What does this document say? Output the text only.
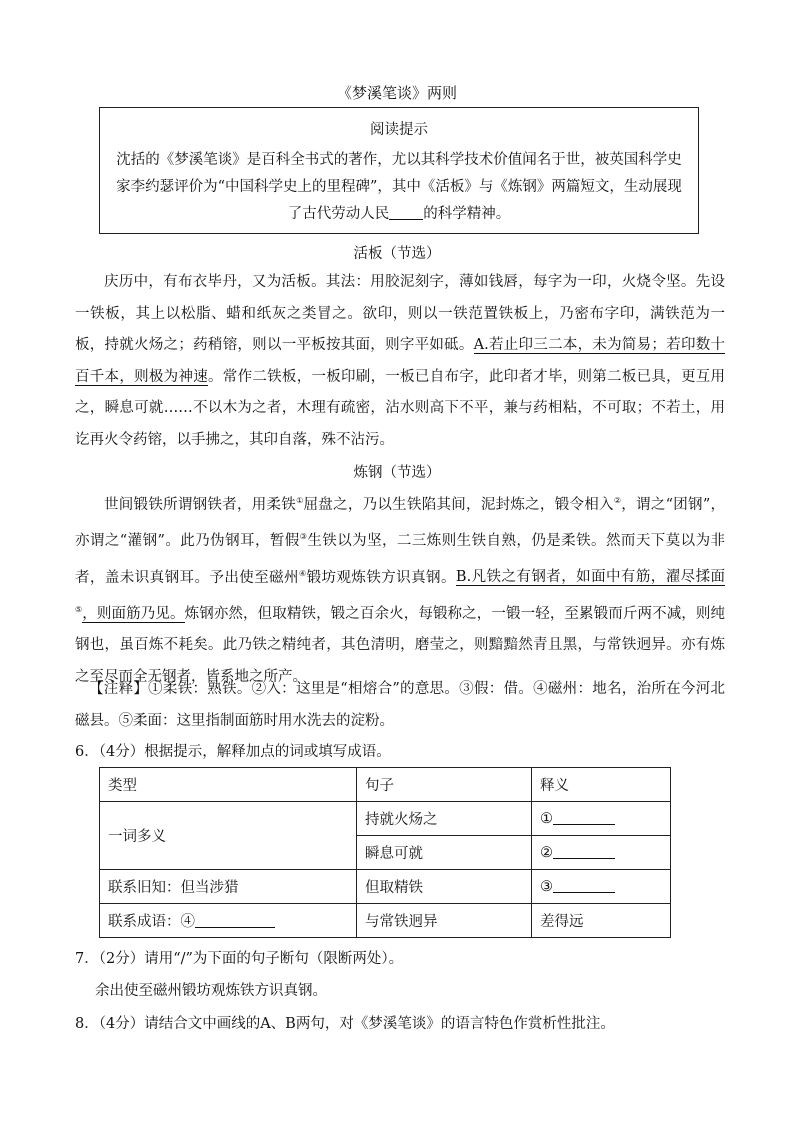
《梦溪笔谈》两则
阅读提示
沈括的《梦溪笔谈》是百科全书式的著作，尤以其科学技术价值闻名于世，被英国科学史家李约瑟评价为“中国科学史上的里程碑”，其中《活板》与《炼钢》两篇短文，生动展现了古代劳动人民 的科学精神。
活板（节选）
庆历中，有布衣毕丹，又为活板。其法：用胶泥刻字，薄如钱唇，每字为一印，火烧令坚。先设一铁板，其上以松脂、蜡和纸灰之类冒之。欲印，则以一铁范置铁板上，乃密布字印，满铁范为一板，持就火炀之；药稍镕，则以一平板按其面，则字平如砥。A.若止印三二本，未为简易；若印数十百千本，则极为神速。常作二铁板，一板印刷，一板已自布字，此印者才毕，则第二板已具，更互用之，瞬息可就……不以木为之者，木理有疏密，沾水则高下不平，兼与药相粘，不可取；不若土，用讫再火令药镕，以手拂之，其印自落，殊不沾污。
炼钢（节选）
世间锻铁所谓钢铁者，用柔铁①屈盘之，乃以生铁陷其间，泥封炼之，锻令相入②，谓之“团钢”，亦谓之“灌钢”。此乃伪钢耳，暂假③生铁以为坚，二三炼则生铁自熟，仍是柔铁。然而天下莫以为非者，盖未识真钢耳。予出使至磁州④锻坊观炼铁方识真钢。B.凡铁之有钢者，如面中有筋，濯尽揉面⑤，则面筋乃见。炼钢亦然，但取精铁，锻之百余火，每锻称之，一锻一轻，至累锻而斤两不减，则纯钢也，虽百炼不耗矣。此乃铁之精纯者，其色清明，磨莹之，则黯黯然青且黑，与常铁迥异。亦有炼之至尽而全无钢者，皆系地之所产。
【注释】①柔铁：熟铁。②入：这里是“相熔合”的意思。③假：借。④磁州：地名，治所在今河北磁县。⑤柔面：这里指制面筋时用水洗去的淀粉。
6．（4分）根据提示，解释加点的词或填写成语。
类型	句子	释义
一词多义	持就火炀之	①
	瞬息可就	②
联系旧知：但当涉猎	但取精铁	③
联系成语：④	与常铁迥异	差得远
7．（2分）请用“/”为下面的句子断句（限断两处）。
余出使至磁州锻坊观炼铁方识真钢。
8．（4分）请结合文中画线的A、B两句，对《梦溪笔谈》的语言特色作赏析性批注。
